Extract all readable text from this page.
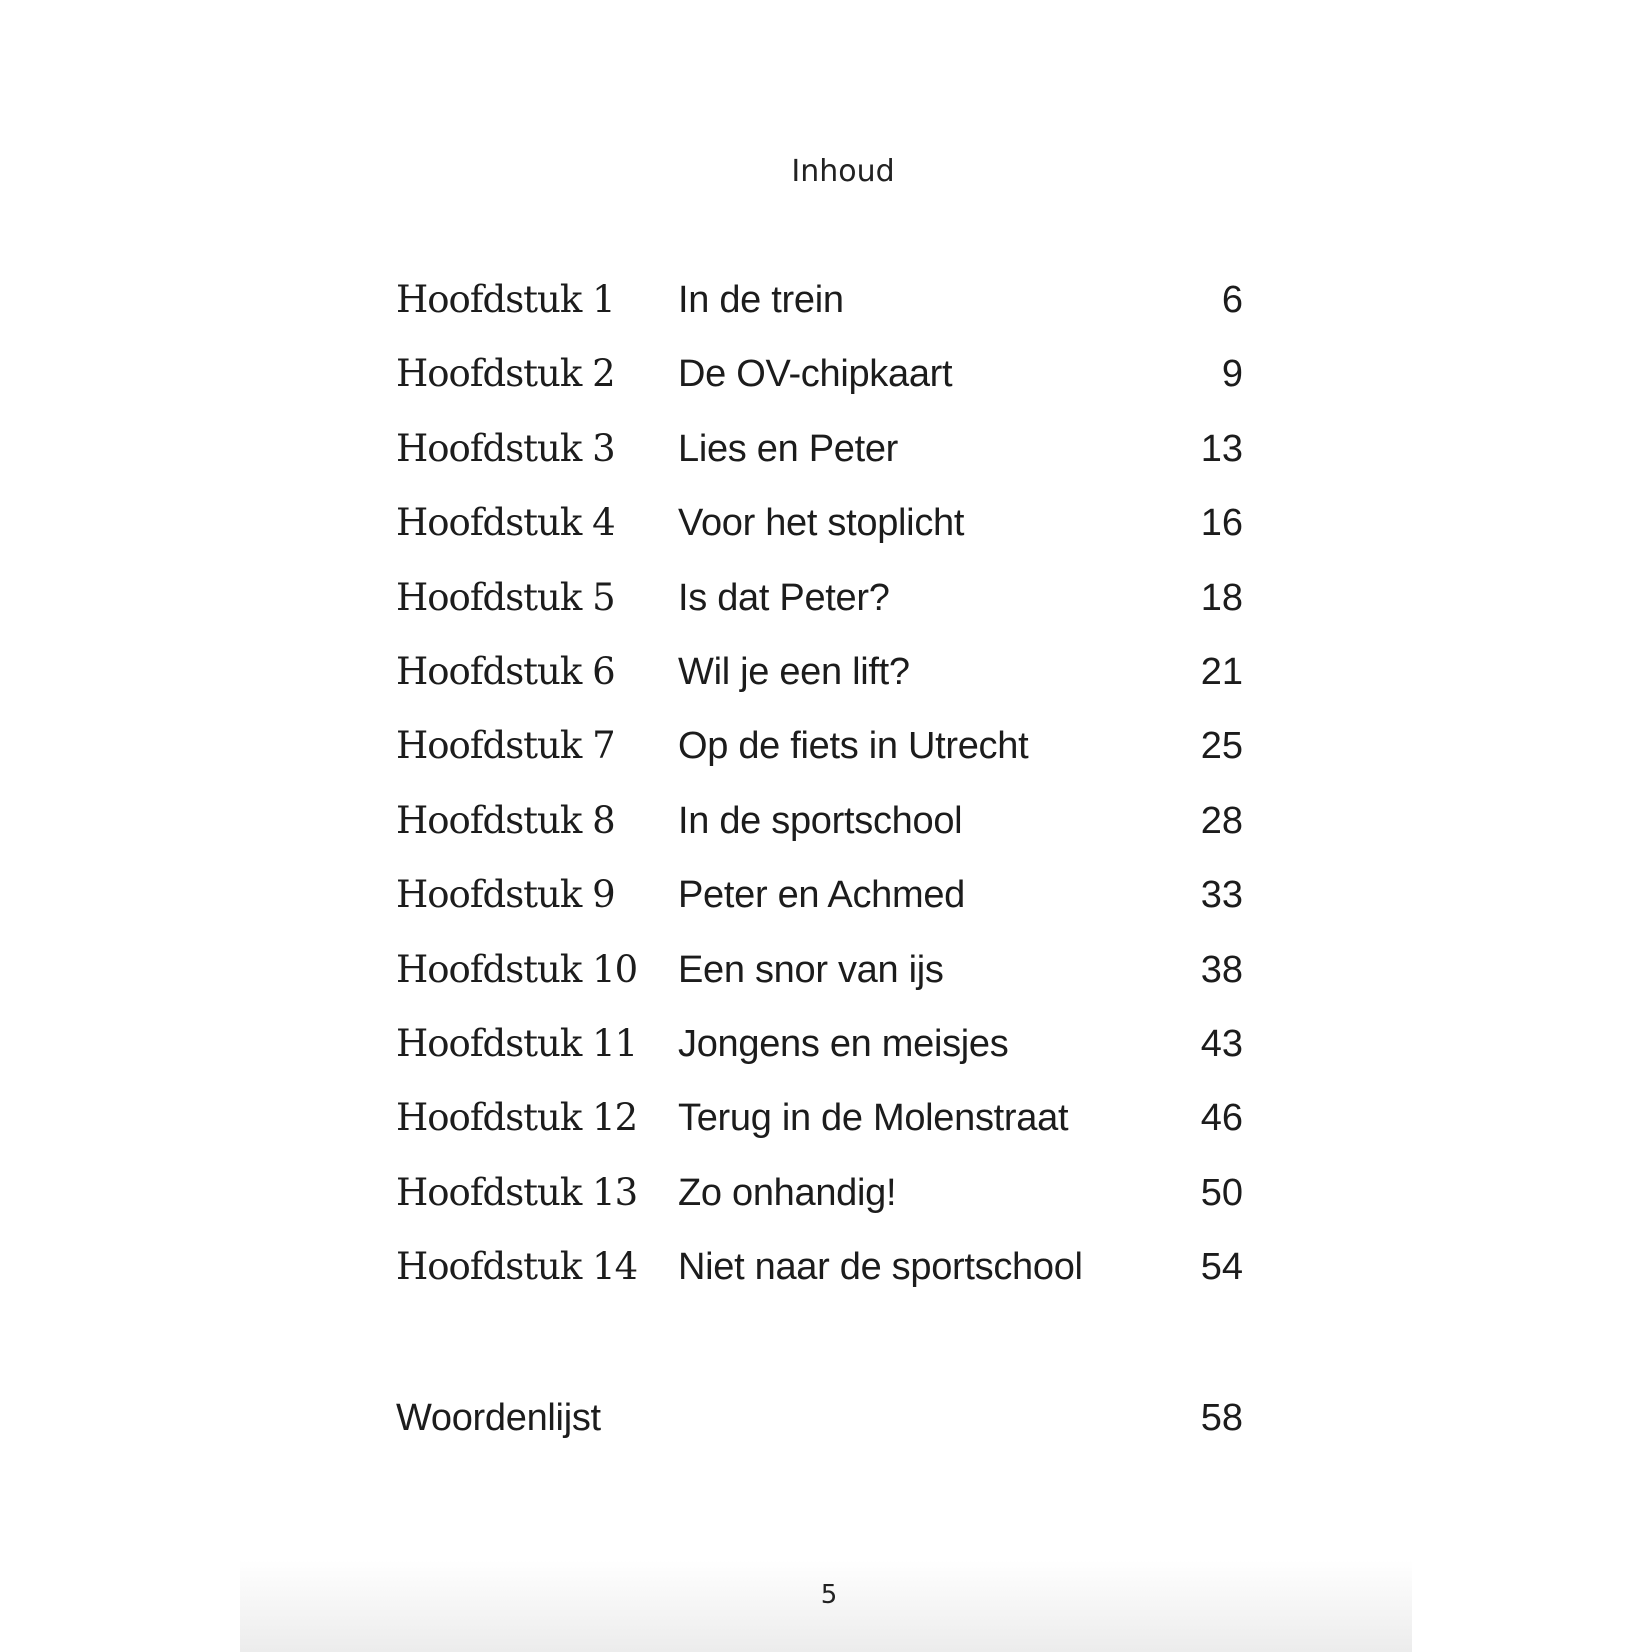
Inhoud
Hoofdstuk 1 In de trein	6
Hoofdstuk 2 De OV-chipkaart	9
Hoofdstuk 3 Lies en Peter	13
Hoofdstuk 4 Voor het stoplicht	16
Hoofdstuk 5 Is dat Peter?	18
Hoofdstuk 6 Wil je een lift?	21
Hoofdstuk 7 Op de fiets in Utrecht	25
Hoofdstuk 8 In de sportschool	28
Hoofdstuk 9 Peter en Achmed	33
Hoofdstuk 10 Een snor van ijs	38
Hoofdstuk 11 Jongens en meisjes	43
Hoofdstuk 12 Terug in de Molenstraat	46
Hoofdstuk 13 Zo onhandig!	50
Hoofdstuk 14 Niet naar de sportschool	54
Woordenlijst	58
5
